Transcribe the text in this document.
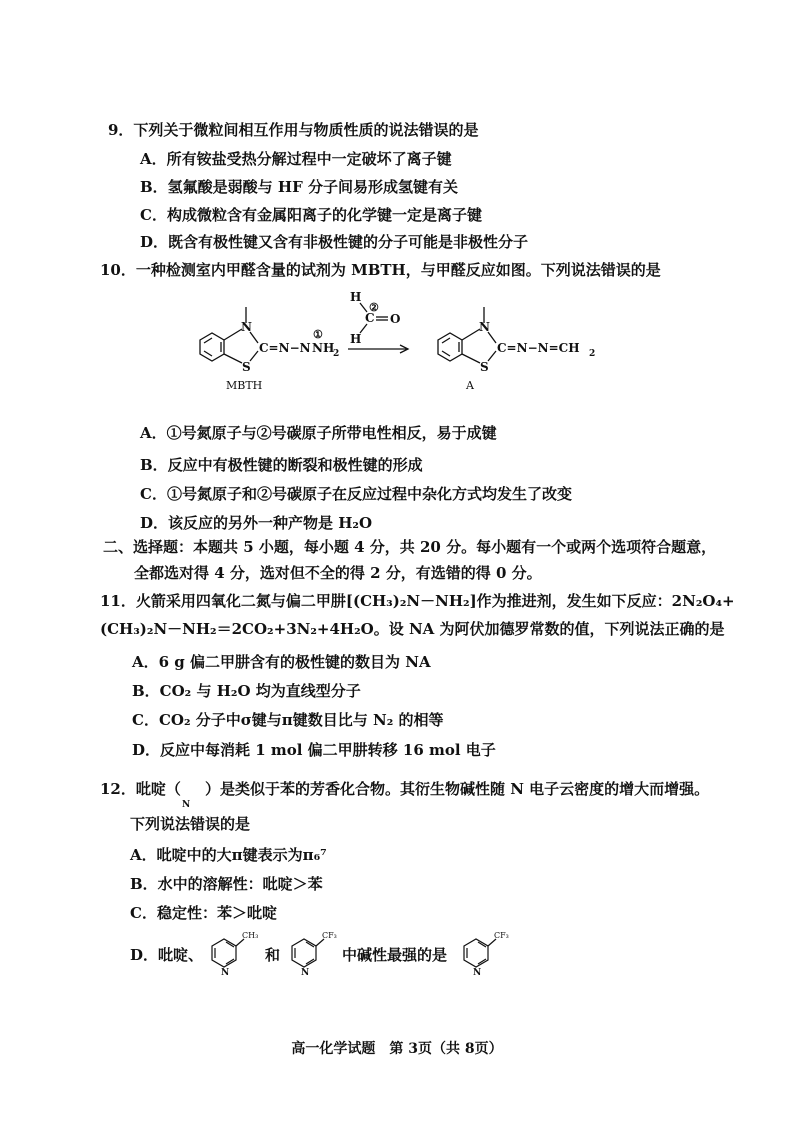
9．下列关于微粒间相互作用与物质性质的说法错误的是
A．所有铵盐受热分解过程中一定破坏了离子键
B．氢氟酸是弱酸与 HF 分子间易形成氢键有关
C．构成微粒含有金属阳离子的化学键一定是离子键
D．既含有极性键又含有非极性键的分子可能是非极性分子
10．一种检测室内甲醛含量的试剂为 MBTH，与甲醛反应如图。下列说法错误的是
N
S
C=N−N
①
NH
2
MBTH
H
C O
H
②
N
S
C=N−N=CH 2
A
A．①号氮原子与②号碳原子所带电性相反，易于成键
B．反应中有极性键的断裂和极性键的形成
C．①号氮原子和②号碳原子在反应过程中杂化方式均发生了改变
D．该反应的另外一种产物是 H₂O
二、选择题：本题共 5 小题，每小题 4 分，共 20 分。每小题有一个或两个选项符合题意，
全都选对得 4 分，选对但不全的得 2 分，有选错的得 0 分。
11．火箭采用四氧化二氮与偏二甲肼[(CH₃)₂N－NH₂]作为推进剂，发生如下反应：2N₂O₄+
(CH₃)₂N－NH₂＝2CO₂+3N₂+4H₂O。设 NA 为阿伏加德罗常数的值，下列说法正确的是
A．6 g 偏二甲肼含有的极性键的数目为 NA
B．CO₂ 与 H₂O 均为直线型分子
C．CO₂ 分子中σ键与π键数目比与 N₂ 的相等
D．反应中每消耗 1 mol 偏二甲肼转移 16 mol 电子
12．吡啶（
N
）是类似于苯的芳香化合物。其衍生物碱性随 N 电子云密度的增大而增强。
下列说法错误的是
A．吡啶中的大π键表示为π₆⁷
B．水中的溶解性：吡啶＞苯
C．稳定性：苯＞吡啶
D．吡啶、
N
CH₃
和
N
CF₃
中碱性最强的是
N
CF₃
高一化学试题　第 3页（共 8页）
